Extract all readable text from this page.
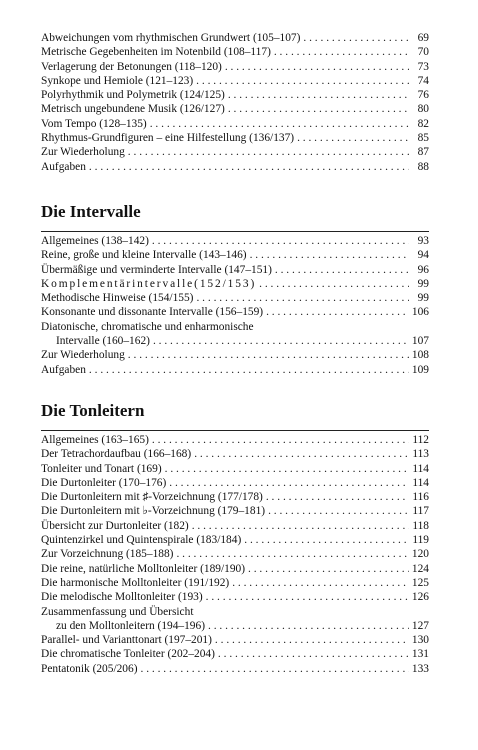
Abweichungen vom rhythmischen Grundwert (105–107) . . .	69
Metrische Gegebenheiten im Notenbild (108–117) . . .	70
Verlagerung der Betonungen (118–120) . . .	73
Synkope und Hemiole (121–123) . . .	74
Polyrhythmik und Polymetrik (124/125) . . .	76
Metrisch ungebundene Musik (126/127) . . .	80
Vom Tempo (128–135) . . .	82
Rhythmus-Grundfiguren – eine Hilfestellung (136/137) . . .	85
Zur Wiederholung . . .	87
Aufgaben . . .	88
Die Intervalle
Allgemeines (138–142) . . .	93
Reine, große und kleine Intervalle (143–146) . . .	94
Übermäßige und verminderte Intervalle (147–151) . . .	96
Komplementärintervalle(152/153) . . .	99
Methodische Hinweise (154/155) . . .	99
Konsonante und dissonante Intervalle (156–159) . . .	106
Diatonische, chromatische und enharmonische
Intervalle (160–162) . . .	107
Zur Wiederholung . . .	108
Aufgaben . . .	109
Die Tonleitern
Allgemeines (163–165) . . .	112
Der Tetrachordaufbau (166–168) . . .	113
Tonleiter und Tonart (169) . . .	114
Die Durtonleiter (170–176) . . .	114
Die Durtonleitern mit ♯-Vorzeichnung (177/178) . . .	116
Die Durtonleitern mit ♭-Vorzeichnung (179–181) . . .	117
Übersicht zur Durtonleiter (182) . . .	118
Quintenzirkel und Quintenspirale (183/184) . . .	119
Zur Vorzeichnung (185–188) . . .	120
Die reine, natürliche Molltonleiter (189/190) . . .	124
Die harmonische Molltonleiter (191/192) . . .	125
Die melodische Molltonleiter (193) . . .	126
Zusammenfassung und Übersicht
zu den Molltonleitern (194–196) . . .	127
Parallel- und Varianttonart (197–201) . . .	130
Die chromatische Tonleiter (202–204) . . .	131
Pentatonik (205/206) . . .	133
